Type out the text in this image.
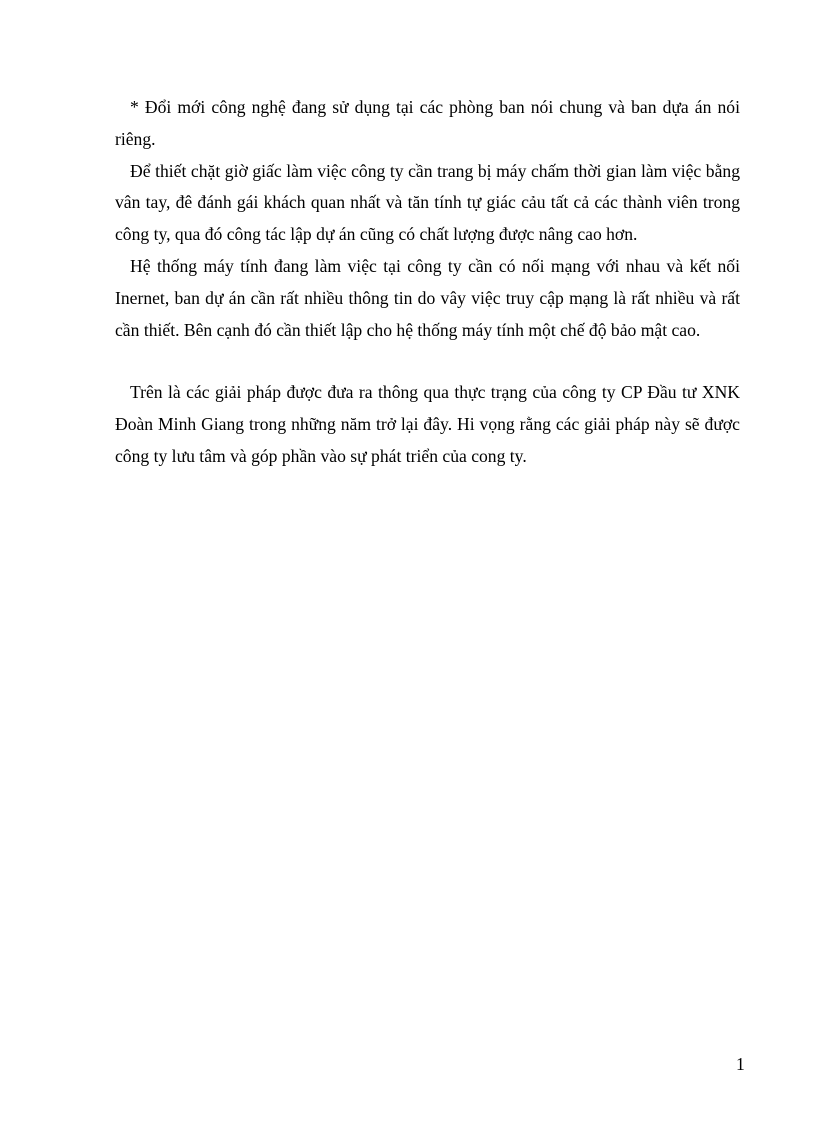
* Đổi mới công nghệ đang sử dụng tại các phòng ban nói chung và ban dựa án nói riêng.

Để thiết chặt giờ giấc làm việc công ty cần trang bị máy chấm thời gian làm việc bằng vân tay, đê đánh gái khách quan nhất và tăn tính tự giác cảu tất cả các thành viên trong công ty, qua đó công tác lập dự án cũng có chất lượng được nâng cao hơn.

Hệ thống máy tính đang làm việc tại công ty cần có nối mạng với nhau và kết nối Inernet, ban dự án cần rất nhiều thông tin do vây việc truy cập mạng là rất nhiều và rất cần thiết. Bên cạnh đó cần thiết lập cho hệ thống máy tính một chế độ bảo mật cao.

Trên là các giải pháp được đưa ra thông qua thực trạng của công ty CP Đầu tư XNK Đoàn Minh Giang trong những năm trở lại đây. Hi vọng rằng các giải pháp này sẽ được công ty lưu tâm và góp phần vào sự phát triển của cong ty.

1
